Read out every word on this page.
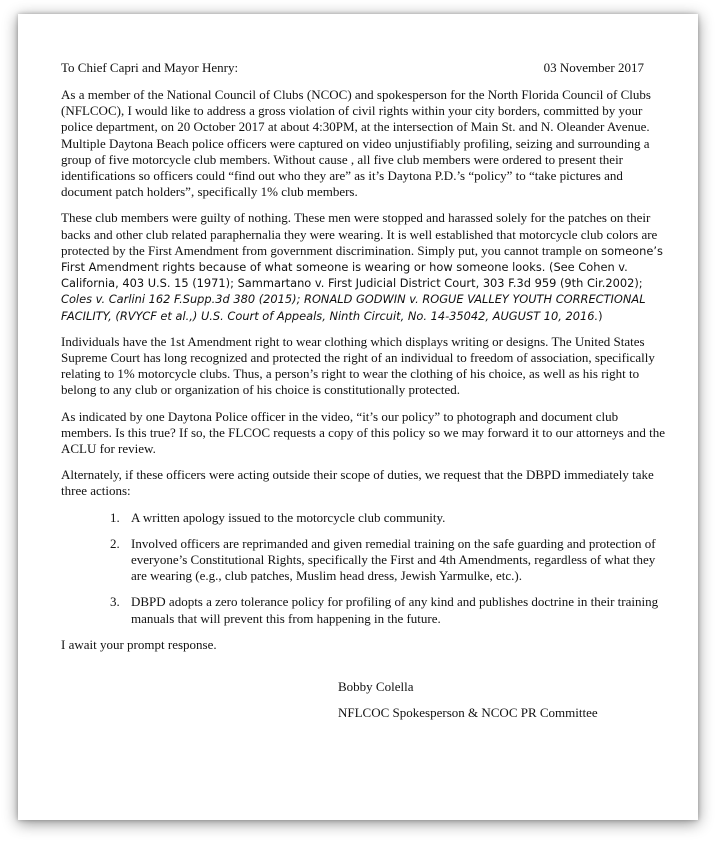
To Chief Capri and Mayor Henry:	03 November 2017

As a member of the National Council of Clubs (NCOC) and spokesperson for the North Florida Council of Clubs (NFLCOC), I would like to address a gross violation of civil rights within your city borders, committed by your police department, on 20 October 2017 at about 4:30PM, at the intersection of Main St. and N. Oleander Avenue. Multiple Daytona Beach police officers were captured on video unjustifiably profiling, seizing and surrounding a group of five motorcycle club members. Without cause , all five club members were ordered to present their identifications so officers could “find out who they are” as it’s Daytona P.D.’s “policy” to “take pictures and document patch holders”, specifically 1% club members.

These club members were guilty of nothing. These men were stopped and harassed solely for the patches on their backs and other club related paraphernalia they were wearing. It is well established that motorcycle club colors are protected by the First Amendment from government discrimination. Simply put, you cannot trample on someone’s First Amendment rights because of what someone is wearing or how someone looks. (See Cohen v. California, 403 U.S. 15 (1971); Sammartano v. First Judicial District Court, 303 F.3d 959 (9th Cir.2002); Coles v. Carlini 162 F.Supp.3d 380 (2015); RONALD GODWIN v. ROGUE VALLEY YOUTH CORRECTIONAL FACILITY, (RVYCF et al.,) U.S. Court of Appeals, Ninth Circuit, No. 14-35042, AUGUST 10, 2016.)

Individuals have the 1st Amendment right to wear clothing which displays writing or designs. The United States Supreme Court has long recognized and protected the right of an individual to freedom of association, specifically relating to 1% motorcycle clubs. Thus, a person’s right to wear the clothing of his choice, as well as his right to belong to any club or organization of his choice is constitutionally protected.

As indicated by one Daytona Police officer in the video, “it’s our policy” to photograph and document club members. Is this true? If so, the FLCOC requests a copy of this policy so we may forward it to our attorneys and the ACLU for review.

Alternately, if these officers were acting outside their scope of duties, we request that the DBPD immediately take three actions:

1. A written apology issued to the motorcycle club community.
2. Involved officers are reprimanded and given remedial training on the safe guarding and protection of everyone’s Constitutional Rights, specifically the First and 4th Amendments, regardless of what they are wearing (e.g., club patches, Muslim head dress, Jewish Yarmulke, etc.).
3. DBPD adopts a zero tolerance policy for profiling of any kind and publishes doctrine in their training manuals that will prevent this from happening in the future.

I await your prompt response.

Bobby Colella
NFLCOC Spokesperson & NCOC PR Committee
